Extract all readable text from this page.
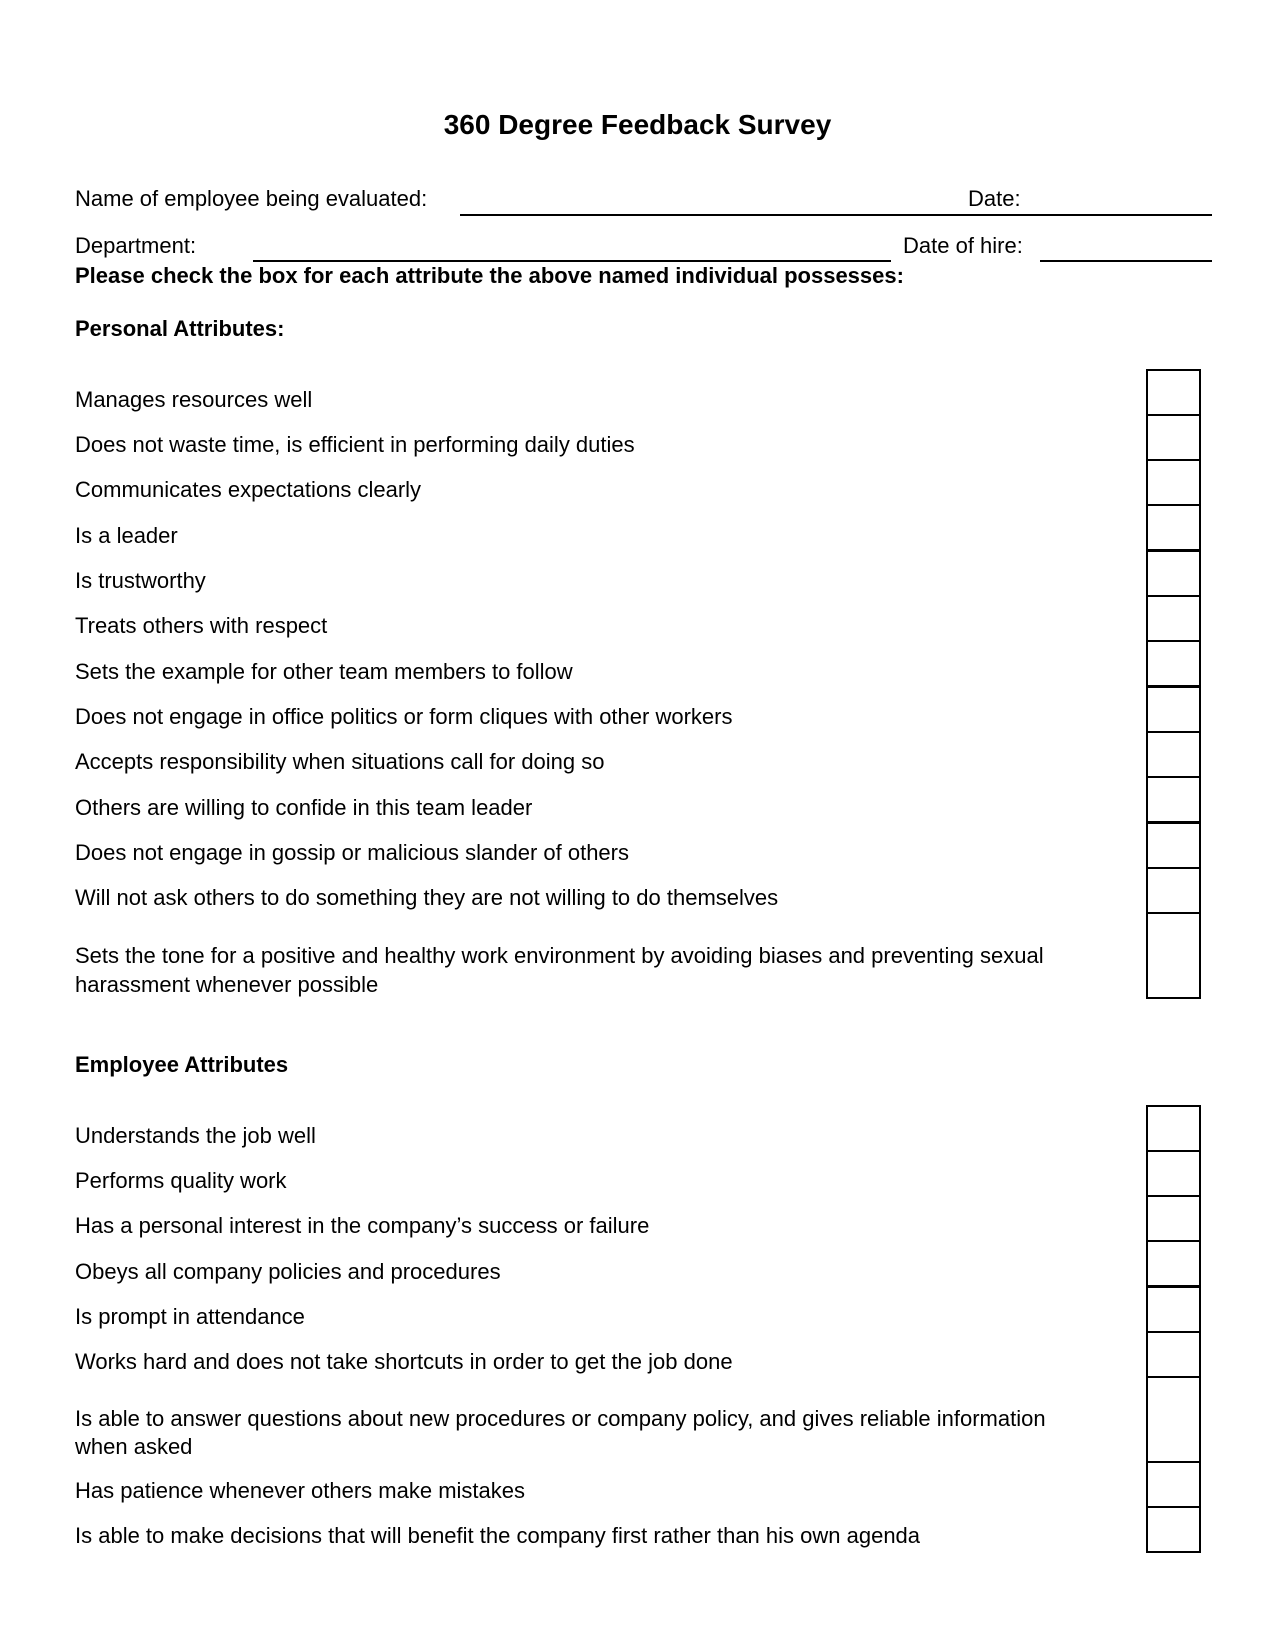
360 Degree Feedback Survey
Name of employee being evaluated:	Date:
Department:	Date of hire:
Please check the box for each attribute the above named individual possesses:
Personal Attributes:
Manages resources well
Does not waste time, is efficient in performing daily duties
Communicates expectations clearly
Is a leader
Is trustworthy
Treats others with respect
Sets the example for other team members to follow
Does not engage in office politics or form cliques with other workers
Accepts responsibility when situations call for doing so
Others are willing to confide in this team leader
Does not engage in gossip or malicious slander of others
Will not ask others to do something they are not willing to do themselves
Sets the tone for a positive and healthy work environment by avoiding biases and preventing sexual harassment whenever possible
Employee Attributes
Understands the job well
Performs quality work
Has a personal interest in the company’s success or failure
Obeys all company policies and procedures
Is prompt in attendance
Works hard and does not take shortcuts in order to get the job done
Is able to answer questions about new procedures or company policy, and gives reliable information when asked
Has patience whenever others make mistakes
Is able to make decisions that will benefit the company first rather than his own agenda
